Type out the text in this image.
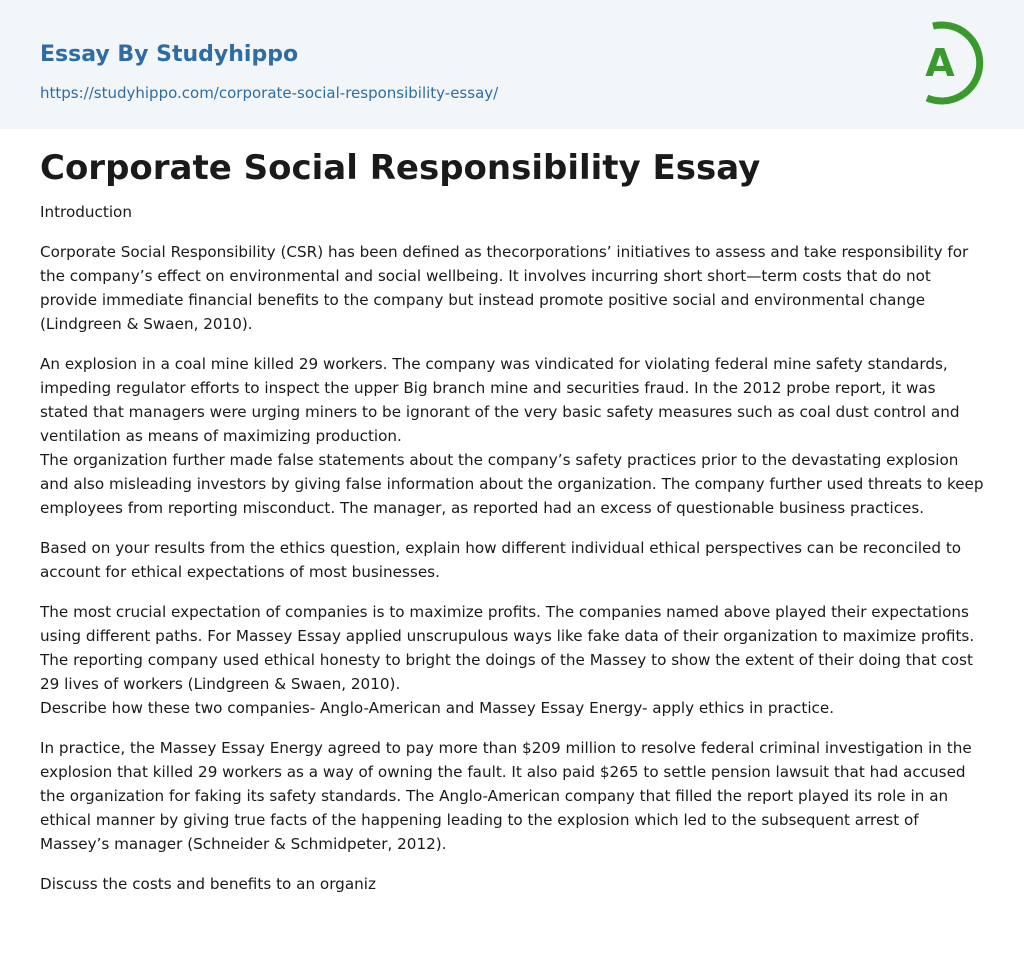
Essay By Studyhippo
https://studyhippo.com/corporate-social-responsibility-essay/
A
Corporate Social Responsibility Essay

Introduction

Corporate Social Responsibility (CSR) has been defined as thecorporations’ initiatives to assess and take responsibility for the company’s effect on environmental and social wellbeing. It involves incurring short short—term costs that do not provide immediate financial benefits to the company but instead promote positive social and environmental change (Lindgreen & Swaen, 2010).

An explosion in a coal mine killed 29 workers. The company was vindicated for violating federal mine safety standards, impeding regulator efforts to inspect the upper Big branch mine and securities fraud. In the 2012 probe report, it was stated that managers were urging miners to be ignorant of the very basic safety measures such as coal dust control and ventilation as means of maximizing production.

The organization further made false statements about the company’s safety practices prior to the devastating explosion and also misleading investors by giving false information about the organization. The company further used threats to keep employees from reporting misconduct. The manager, as reported had an excess of questionable business practices.

Based on your results from the ethics question, explain how different individual ethical perspectives can be reconciled to account for ethical expectations of most businesses.

The most crucial expectation of companies is to maximize profits. The companies named above played their expectations using different paths. For Massey Essay applied unscrupulous ways like fake data of their organization to maximize profits. The reporting company used ethical honesty to bright the doings of the Massey to show the extent of their doing that cost 29 lives of workers (Lindgreen & Swaen, 2010).

Describe how these two companies- Anglo-American and Massey Essay Energy- apply ethics in practice.

In practice, the Massey Essay Energy agreed to pay more than $209 million to resolve federal criminal investigation in the explosion that killed 29 workers as a way of owning the fault. It also paid $265 to settle pension lawsuit that had accused the organization for faking its safety standards. The Anglo-American company that filled the report played its role in an ethical manner by giving true facts of the happening leading to the explosion which led to the subsequent arrest of Massey’s manager (Schneider & Schmidpeter, 2012).

Discuss the costs and benefits to an organiz
